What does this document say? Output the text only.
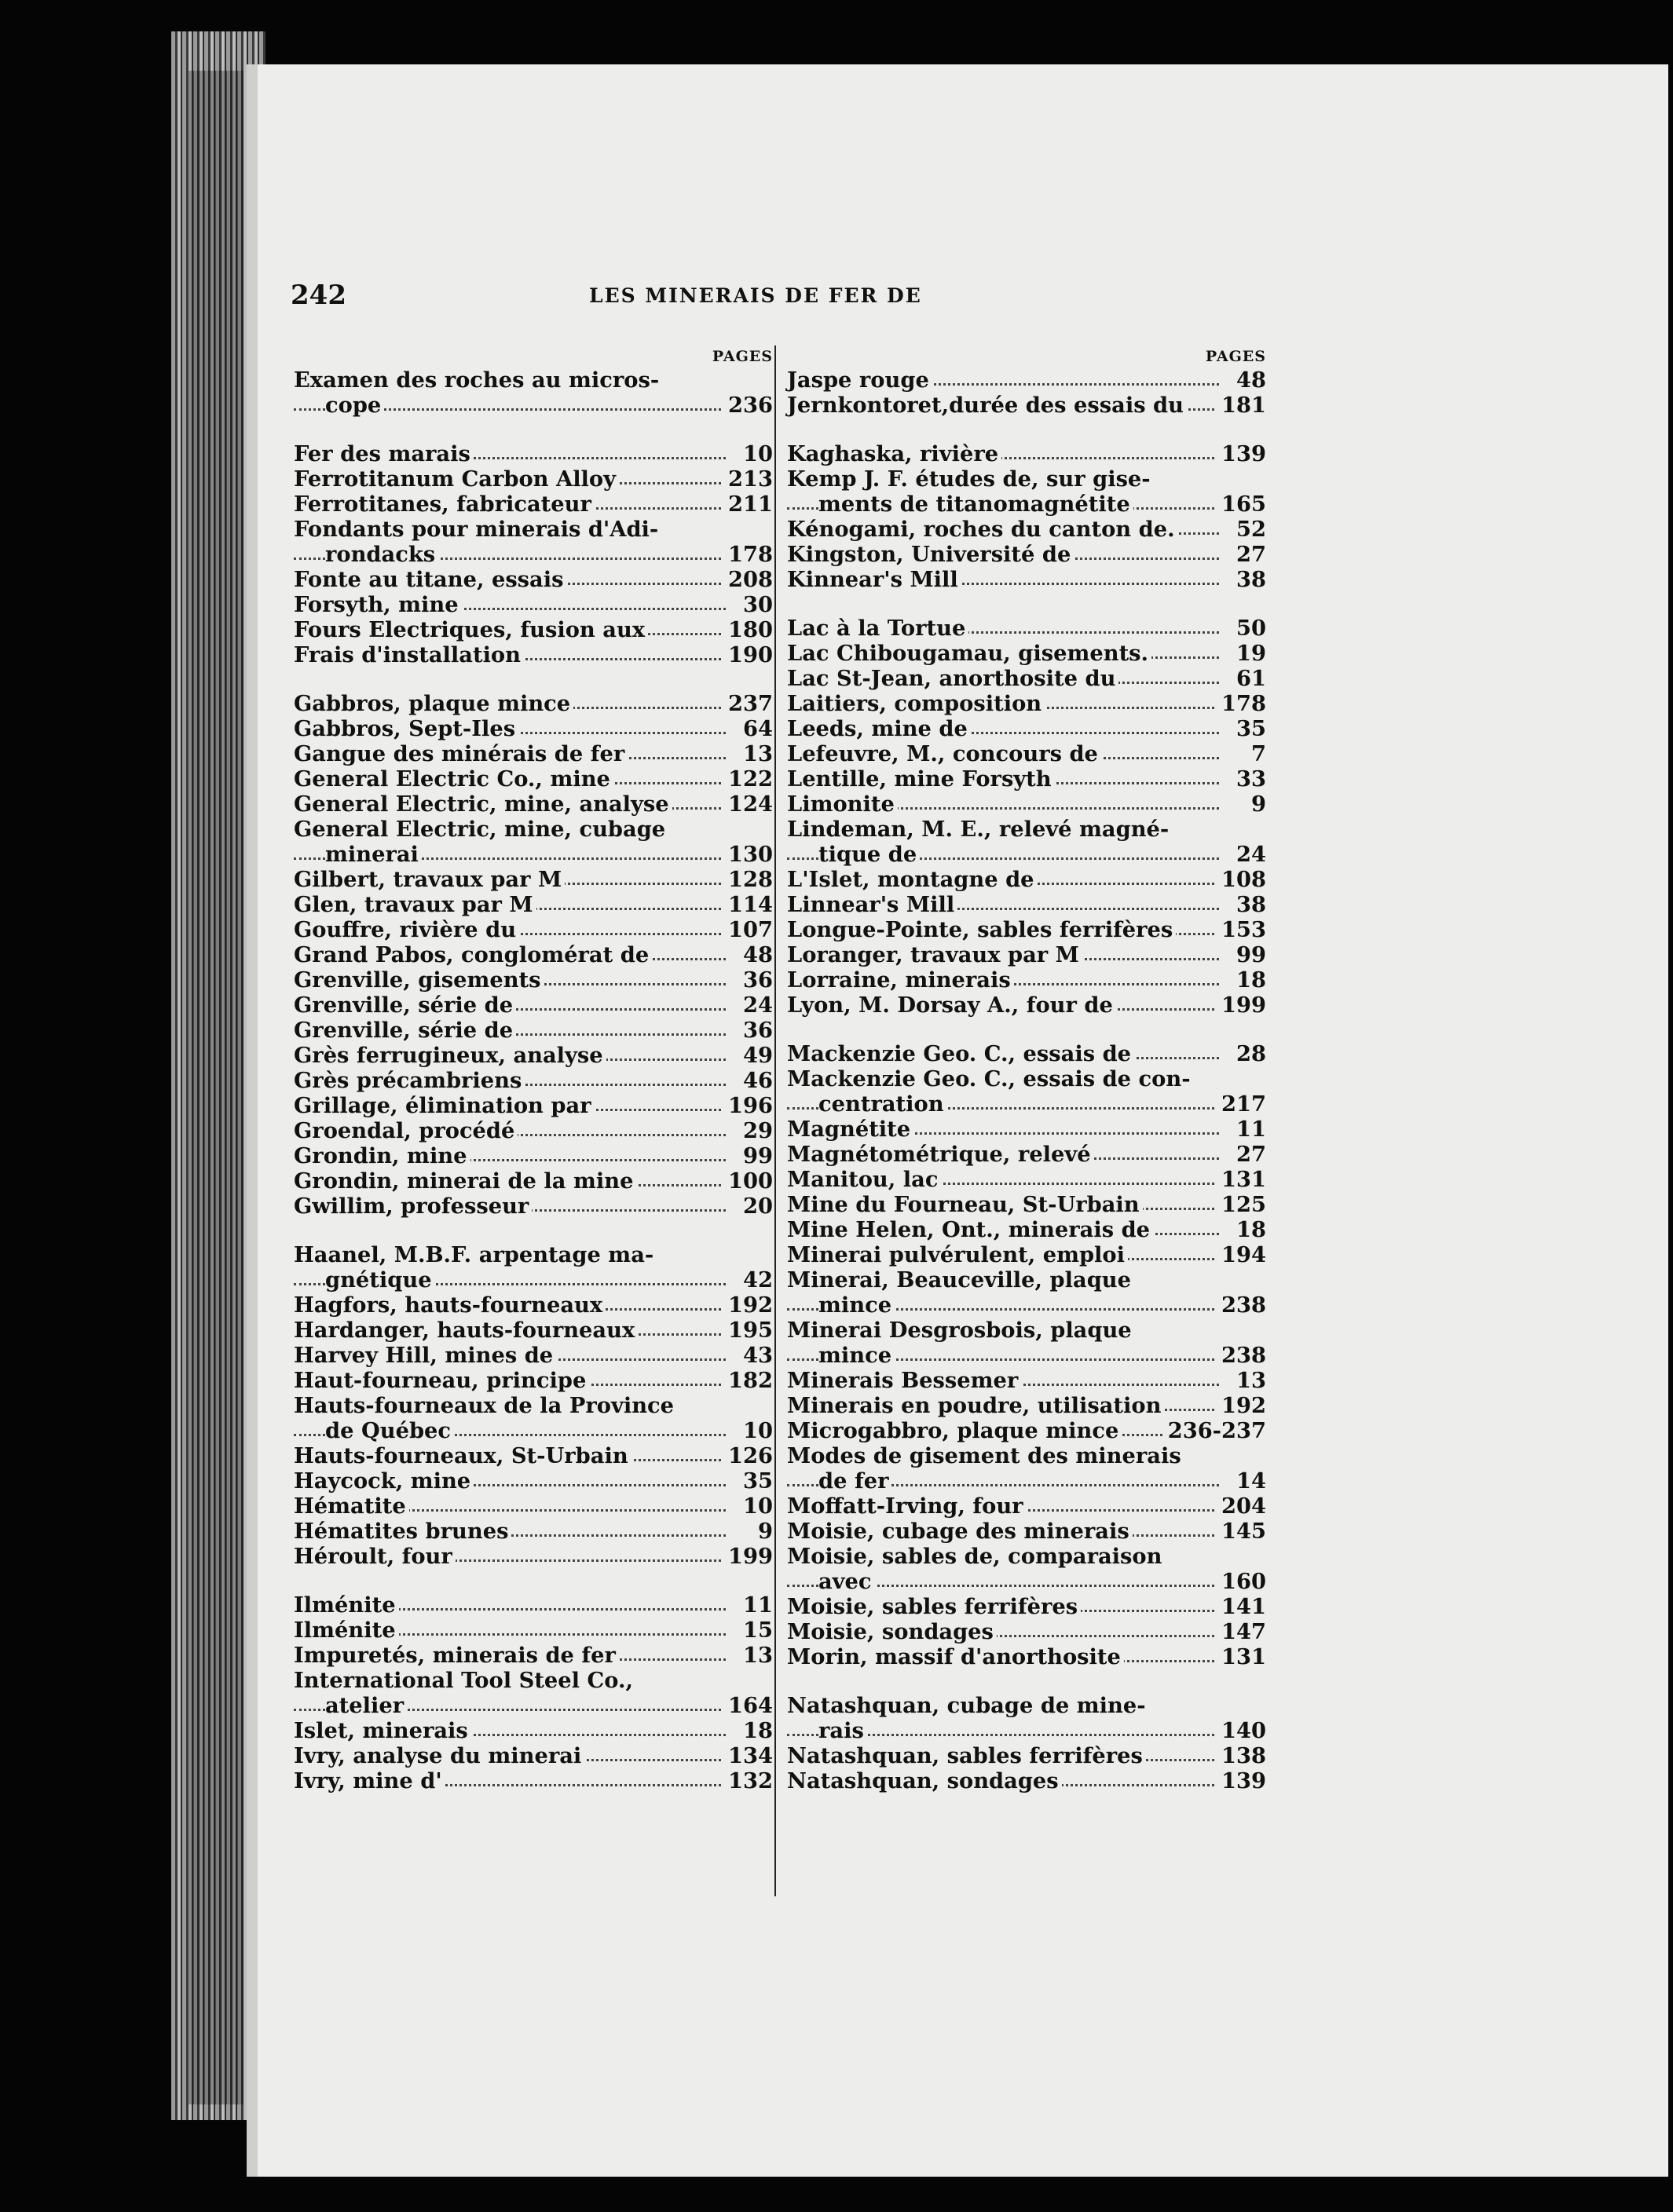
242	LES MINERAIS DE FER DE
PAGES
Examen des roches au micros-
cope	236
Fer des marais	10
Ferrotitanum Carbon Alloy	213
Ferrotitanes, fabricateur	211
Fondants pour minerais d'Adi-
rondacks	178
Fonte au titane, essais	208
Forsyth, mine	30
Fours Electriques, fusion aux	180
Frais d'installation	190
Gabbros, plaque mince	237
Gabbros, Sept-Iles	64
Gangue des minérais de fer	13
General Electric Co., mine	122
General Electric, mine, analyse	124
General Electric, mine, cubage
minerai	130
Gilbert, travaux par M	128
Glen, travaux par M	114
Gouffre, rivière du	107
Grand Pabos, conglomérat de	48
Grenville, gisements	36
Grenville, série de	24
Grenville, série de	36
Grès ferrugineux, analyse	49
Grès précambriens	46
Grillage, élimination par	196
Groendal, procédé	29
Grondin, mine	99
Grondin, minerai de la mine	100
Gwillim, professeur	20
Haanel, M.B.F. arpentage ma-
gnétique	42
Hagfors, hauts-fourneaux	192
Hardanger, hauts-fourneaux	195
Harvey Hill, mines de	43
Haut-fourneau, principe	182
Hauts-fourneaux de la Province
de Québec	10
Hauts-fourneaux, St-Urbain	126
Haycock, mine	35
Hématite	10
Hématites brunes	9
Héroult, four	199
Ilménite	11
Ilménite	15
Impuretés, minerais de fer	13
International Tool Steel Co.,
atelier	164
Islet, minerais	18
Ivry, analyse du minerai	134
Ivry, mine d'	132
PAGES
Jaspe rouge	48
Jernkontoret,durée des essais du 181
Kaghaska, rivière	139
Kemp J. F. études de, sur gise-
ments de titanomagnétite	165
Kénogami, roches du canton de.	52
Kingston, Université de	27
Kinnear's Mill	38
Lac à la Tortue	50
Lac Chibougamau, gisements.	19
Lac St-Jean, anorthosite du	61
Laitiers, composition	178
Leeds, mine de	35
Lefeuvre, M., concours de	7
Lentille, mine Forsyth	33
Limonite	9
Lindeman, M. E., relevé magné-
tique de	24
L'Islet, montagne de	108
Linnear's Mill	38
Longue-Pointe, sables ferrifères 153
Loranger, travaux par M	99
Lorraine, minerais	18
Lyon, M. Dorsay A., four de	199
Mackenzie Geo. C., essais de	28
Mackenzie Geo. C., essais de con-
centration	217
Magnétite	11
Magnétométrique, relevé	27
Manitou, lac	131
Mine du Fourneau, St-Urbain	125
Mine Helen, Ont., minerais de	18
Minerai pulvérulent, emploi	194
Minerai, Beauceville, plaque
mince	238
Minerai Desgrosbois, plaque
mince	238
Minerais Bessemer	13
Minerais en poudre, utilisation	192
Microgabbro, plaque mince 236-237
Modes de gisement des minerais
de fer	14
Moffatt-Irving, four	204
Moisie, cubage des minerais	145
Moisie, sables de, comparaison
avec	160
Moisie, sables ferrifères	141
Moisie, sondages	147
Morin, massif d'anorthosite	131
Natashquan, cubage de mine-
rais	140
Natashquan, sables ferrifères	138
Natashquan, sondages	139
